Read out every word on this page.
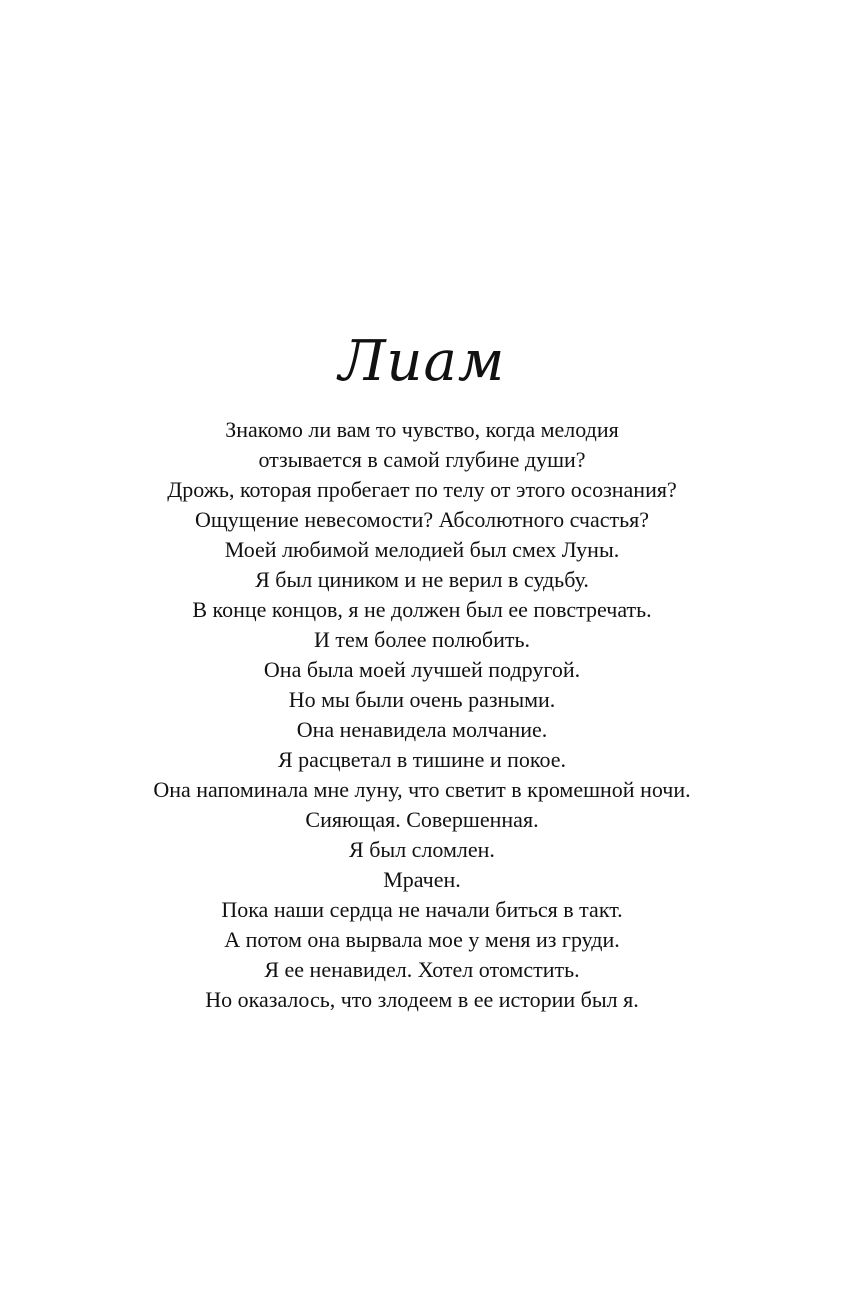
Лиам
Знакомо ли вам то чувство, когда мелодия
отзывается в самой глубине души?
Дрожь, которая пробегает по телу от этого осознания?
Ощущение невесомости? Абсолютного счастья?
Моей любимой мелодией был смех Луны.
Я был циником и не верил в судьбу.
В конце концов, я не должен был ее повстречать.
И тем более полюбить.
Она была моей лучшей подругой.
Но мы были очень разными.
Она ненавидела молчание.
Я расцветал в тишине и покое.
Она напоминала мне луну, что светит в кромешной ночи.
Сияющая. Совершенная.
Я был сломлен.
Мрачен.
Пока наши сердца не начали биться в такт.
А потом она вырвала мое у меня из груди.
Я ее ненавидел. Хотел отомстить.
Но оказалось, что злодеем в ее истории был я.
